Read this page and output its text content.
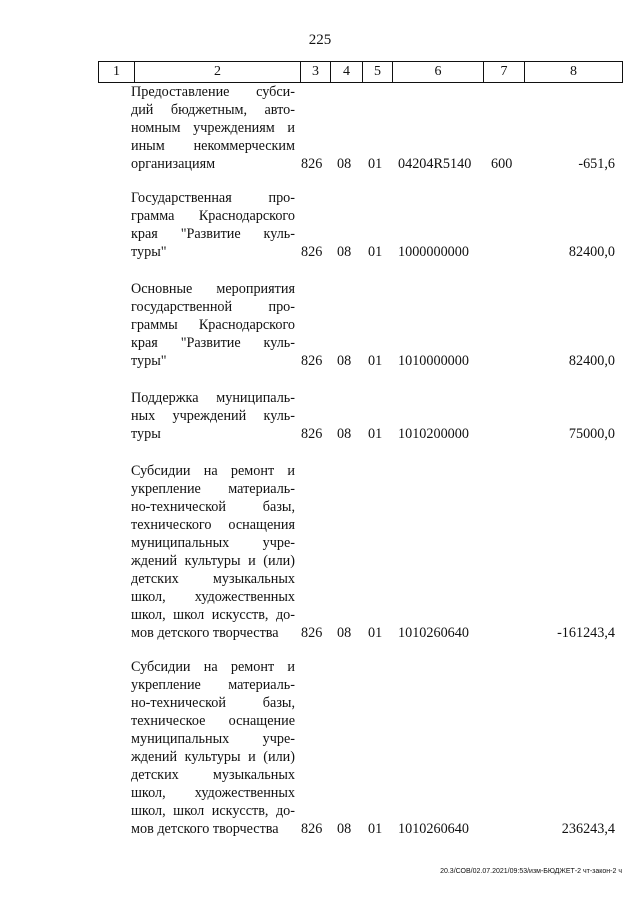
225
1	2	3	4	5	6	7	8
Предоставление субси-
дий бюджетным, авто-
номным учреждениям и
иным некоммерческим
организациям	826 08 01 04204R5140 600	-651,6
Государственная про-
грамма Краснодарского
края "Развитие куль-
туры"	826 08 01 1000000000	82400,0
Основные мероприятия
государственной про-
граммы Краснодарского
края "Развитие куль-
туры"	826 08 01 1010000000	82400,0
Поддержка муниципаль-
ных учреждений куль-
туры	826 08 01 1010200000	75000,0
Субсидии на ремонт и
укрепление материаль-
но-технической базы,
технического оснащения
муниципальных учре-
ждений культуры и (или)
детских музыкальных
школ, художественных
школ, школ искусств, до-
мов детского творчества	826 08 01 1010260640	-161243,4
Субсидии на ремонт и
укрепление материаль-
но-технической базы,
техническое оснащение
муниципальных учре-
ждений культуры и (или)
детских музыкальных
школ, художественных
школ, школ искусств, до-
мов детского творчества	826 08 01 1010260640	236243,4
20.3/СОВ/02.07.2021/09:53/изм-БЮДЖЕТ-2 чт-закон-2 ч
